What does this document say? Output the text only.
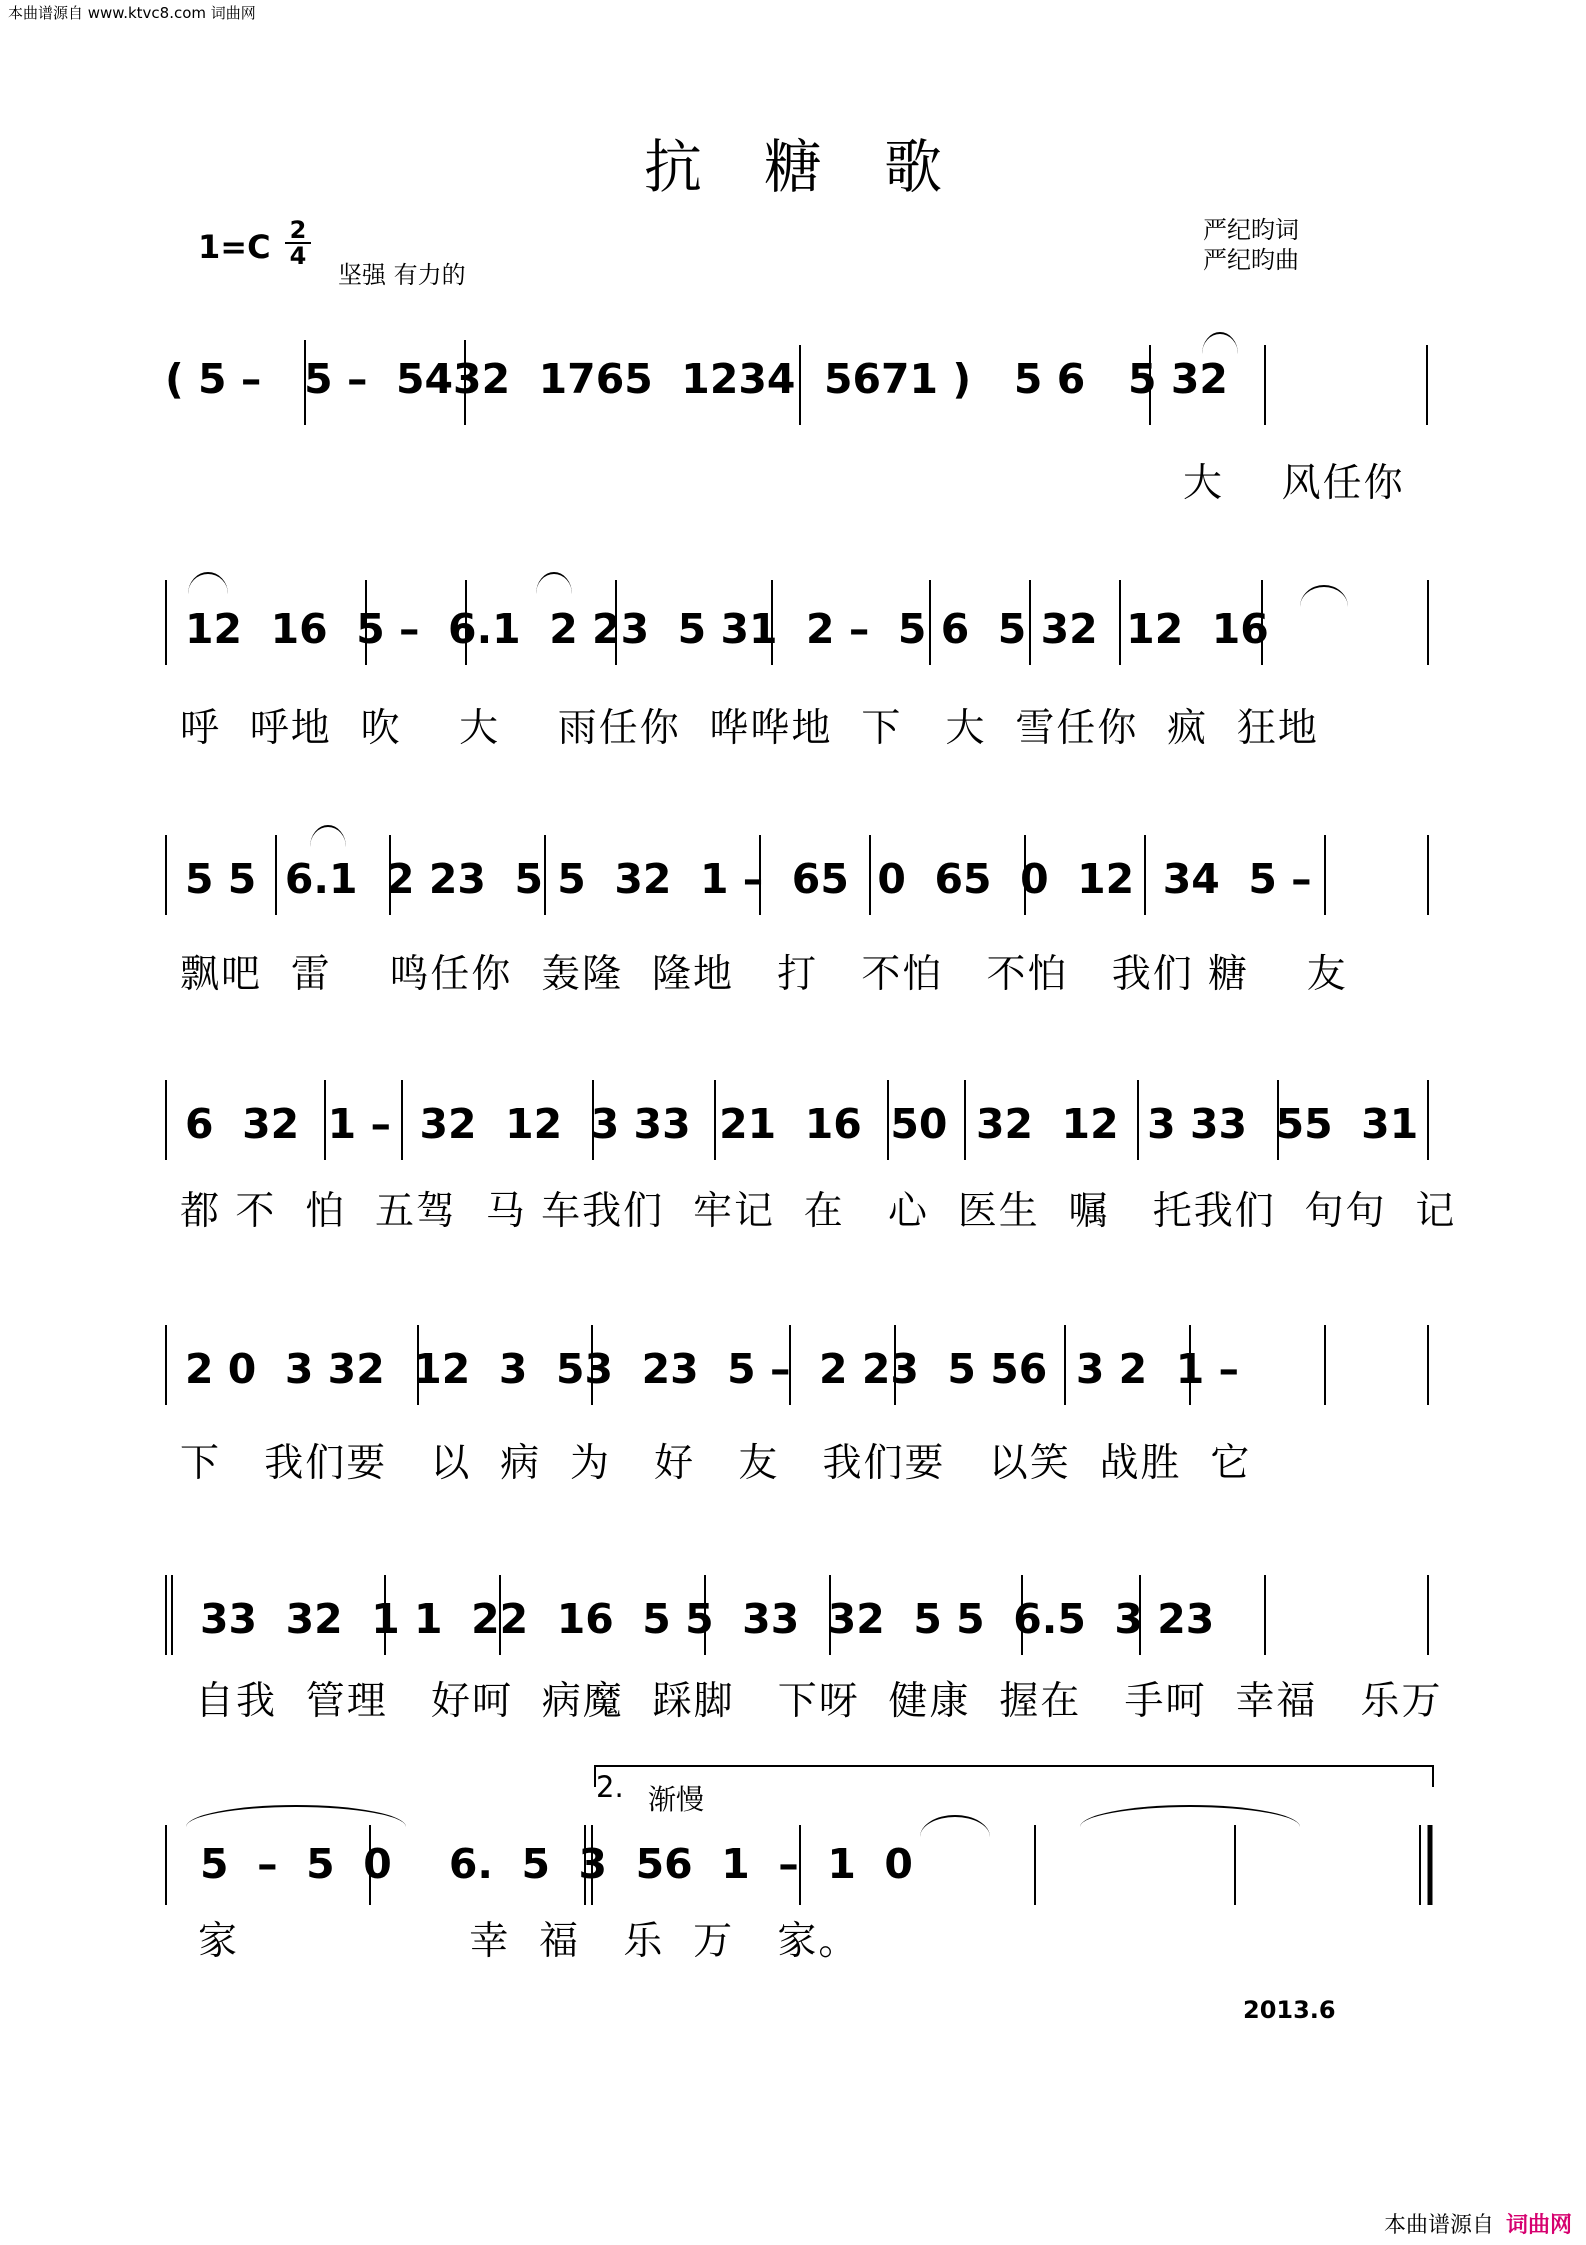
本曲谱源自 www.ktvc8.com 词曲网
抗糖歌
$1=C \frac{2}{4}$
坚强 有力的
严纪昀词
严纪昀曲
( 5 –   5 –  5432  1765  1234  5671 )   5 6   5 32
大    风任你
12  16  5 –  6.1  2 23  5 31  2 –  5 6  5 32  12  16
呼  呼地  吹    大    雨任你  哗哗地  下   大  雪任你  疯  狂地
5 5  6.1  2 23  5 5  32  1 –  65  0  65  0  12  34  5 –
飘吧  雷    鸣任你  轰隆  隆地   打   不怕   不怕   我们 糖    友
6  32  1 –  32  12  3 33  21  16  50  32  12  3 33  55  31
都 不  怕  五驾  马 车我们  牢记  在   心  医生  嘱   托我们  句句  记
2 0  3 32  12  3  53  23  5 –  2 23  5 56  3 2  1 –
下   我们要   以  病  为   好   友   我们要   以笑  战胜  它
33  32  1 1  22  16  5 5  33  32  5 5  6.5  3 23
自我  管理   好呵  病魔  踩脚   下呀  健康  握在   手呵  幸福   乐万
2. 渐慢
5  –  5  0    6.  5  3  56  1  –  1  0
家                幸  福   乐  万   家。
2013.6
本曲谱源自 词曲网
